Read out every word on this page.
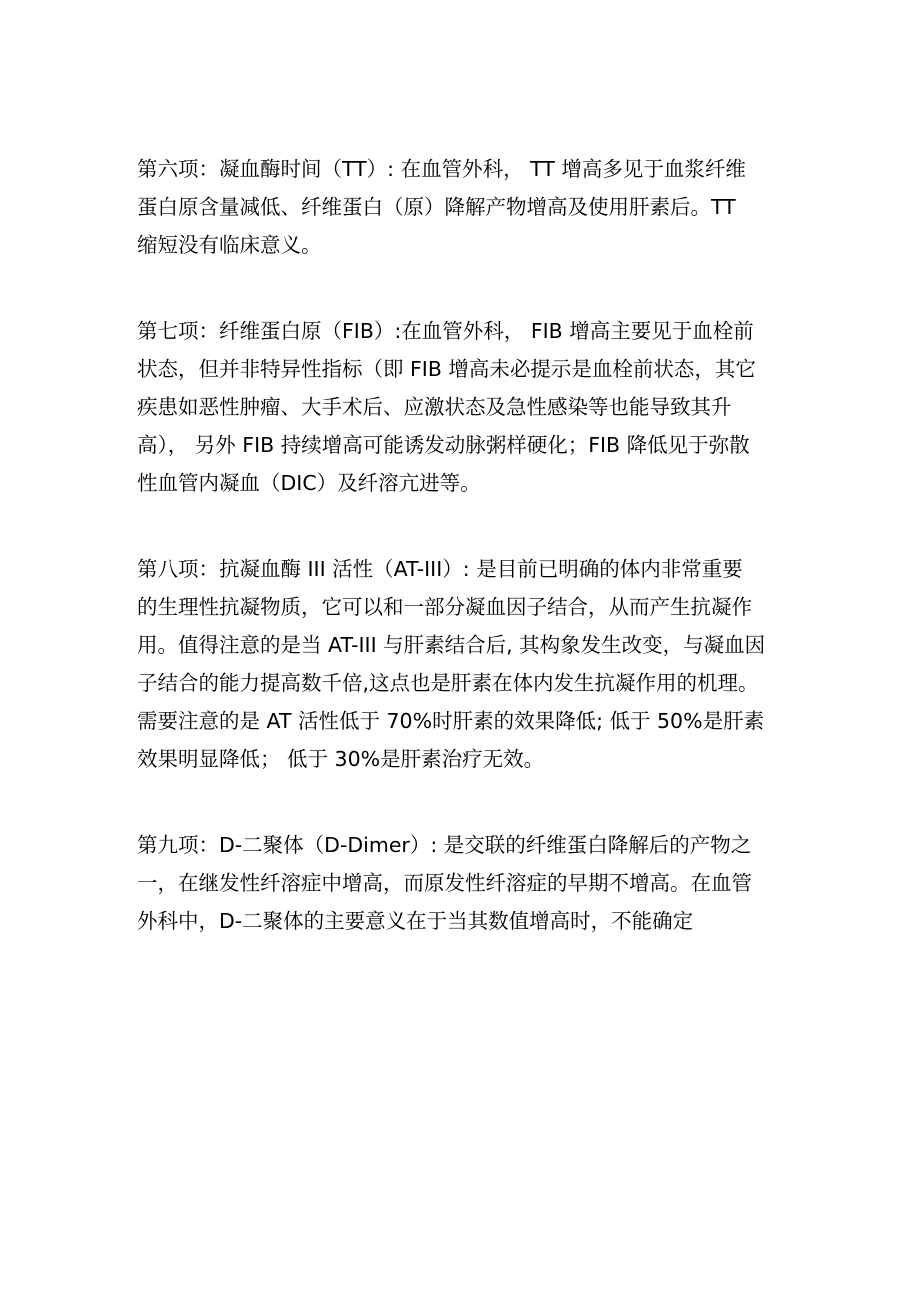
第六项：凝血酶时间（TT）: 在血管外科， TT 增高多见于血浆纤维
蛋白原含量减低、纤维蛋白（原）降解产物增高及使用肝素后。TT
缩短没有临床意义。

第七项：纤维蛋白原（FIB）:在血管外科， FIB 增高主要见于血栓前
状态，但并非特异性指标（即 FIB 增高未必提示是血栓前状态，其它
疾患如恶性肿瘤、大手术后、应激状态及急性感染等也能导致其升
高）， 另外 FIB 持续增高可能诱发动脉粥样硬化；FIB 降低见于弥散
性血管内凝血（DIC）及纤溶亢进等。

第八项：抗凝血酶 III 活性（AT-III）: 是目前已明确的体内非常重要
的生理性抗凝物质，它可以和一部分凝血因子结合，从而产生抗凝作
用。值得注意的是当 AT-III 与肝素结合后, 其构象发生改变，与凝血因
子结合的能力提高数千倍,这点也是肝素在体内发生抗凝作用的机理。
需要注意的是 AT 活性低于 70%时肝素的效果降低; 低于 50%是肝素
效果明显降低； 低于 30%是肝素治疗无效。

第九项：D-二聚体（D-Dimer）: 是交联的纤维蛋白降解后的产物之
一，在继发性纤溶症中增高，而原发性纤溶症的早期不增高。在血管
外科中，D-二聚体的主要意义在于当其数值增高时，不能确定
